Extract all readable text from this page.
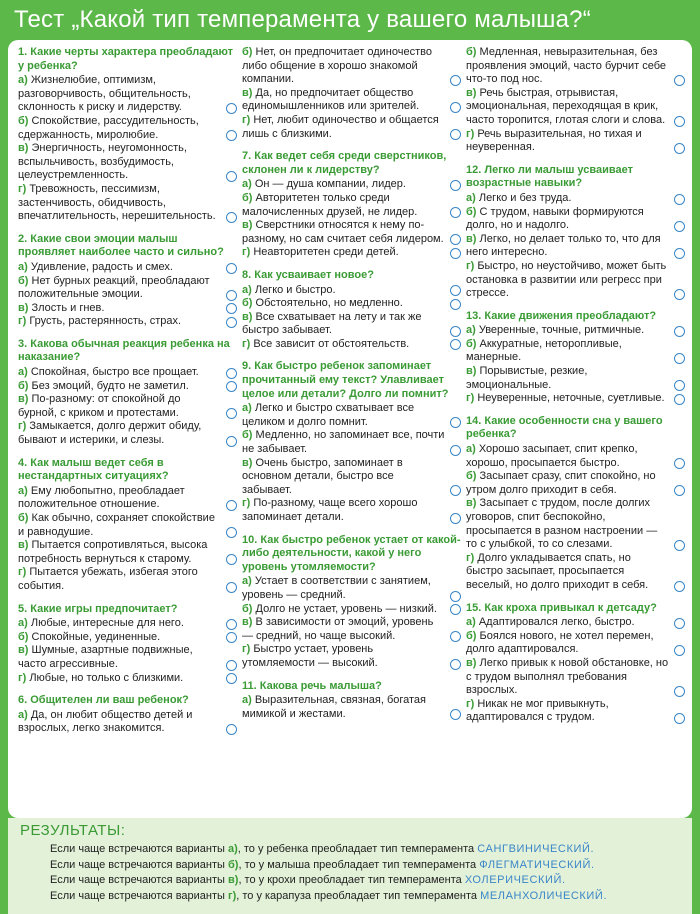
Тест „Какой тип темперамента у вашего малыша?“
1. Какие черты характера преобладают у ребенка?
а) Жизнелюбие, оптимизм, разговорчивость, общительность, склонность к риску и лидерству.
б) Спокойствие, рассудительность, сдержанность, миролюбие.
в) Энергичность, неугомонность, вспыльчивость, возбудимость, целеустремленность.
г) Тревожность, пессимизм, застенчивость, обидчивость, впечатлительность, нерешительность.
2. Какие свои эмоции малыш проявляет наиболее часто и сильно?
а) Удивление, радость и смех.
б) Нет бурных реакций, преобладают положительные эмоции.
в) Злость и гнев.
г) Грусть, растерянность, страх.
3. Какова обычная реакция ребенка на наказание?
а) Спокойная, быстро все прощает.
б) Без эмоций, будто не заметил.
в) По-разному: от спокойной до бурной, с криком и протестами.
г) Замыкается, долго держит обиду, бывают и истерики, и слезы.
4. Как малыш ведет себя в нестандартных ситуациях?
а) Ему любопытно, преобладает положительное отношение.
б) Как обычно, сохраняет спокойствие и равнодушие.
в) Пытается сопротивляться, высока потребность вернуться к старому.
г) Пытается убежать, избегая этого события.
5. Какие игры предпочитает?
а) Любые, интересные для него.
б) Спокойные, уединенные.
в) Шумные, азартные подвижные, часто агрессивные.
г) Любые, но только с близкими.
6. Общителен ли ваш ребенок?
а) Да, он любит общество детей и взрослых, легко знакомится.
б) Нет, он предпочитает одиночество либо общение в хорошо знакомой компании.
в) Да, но предпочитает общество единомышленников или зрителей.
г) Нет, любит одиночество и общается лишь с близкими.
7. Как ведет себя среди сверстников, склонен ли к лидерству?
а) Он — душа компании, лидер.
б) Авторитетен только среди малочисленных друзей, не лидер.
в) Сверстники относятся к нему по-разному, но сам считает себя лидером.
г) Неавторитетен среди детей.
8. Как усваивает новое?
а) Легко и быстро.
б) Обстоятельно, но медленно.
в) Все схватывает на лету и так же быстро забывает.
г) Все зависит от обстоятельств.
9. Как быстро ребенок запоминает прочитанный ему текст? Улавливает целое или детали? Долго ли помнит?
а) Легко и быстро схватывает все целиком и долго помнит.
б) Медленно, но запоминает все, почти не забывает.
в) Очень быстро, запоминает в основном детали, быстро все забывает.
г) По-разному, чаще всего хорошо запоминает детали.
10. Как быстро ребенок устает от какой-либо деятельности, какой у него уровень утомляемости?
а) Устает в соответствии с занятием, уровень — средний.
б) Долго не устает, уровень — низкий.
в) В зависимости от эмоций, уровень — средний, но чаще высокий.
г) Быстро устает, уровень утомляемости — высокий.
11. Какова речь малыша?
а) Выразительная, связная, богатая мимикой и жестами.
б) Медленная, невыразительная, без проявления эмоций, часто бурчит себе что-то под нос.
в) Речь быстрая, отрывистая, эмоциональная, переходящая в крик, часто торопится, глотая слоги и слова.
г) Речь выразительная, но тихая и неуверенная.
12. Легко ли малыш усваивает возрастные навыки?
а) Легко и без труда.
б) С трудом, навыки формируются долго, но и надолго.
в) Легко, но делает только то, что для него интересно.
г) Быстро, но неустойчиво, может быть остановка в развитии или регресс при стрессе.
13. Какие движения преобладают?
а) Уверенные, точные, ритмичные.
б) Аккуратные, неторопливые, манерные.
в) Порывистые, резкие, эмоциональные.
г) Неуверенные, неточные, суетливые.
14. Какие особенности сна у вашего ребенка?
а) Хорошо засыпает, спит крепко, хорошо, просыпается быстро.
б) Засыпает сразу, спит спокойно, но утром долго приходит в себя.
в) Засыпает с трудом, после долгих уговоров, спит беспокойно, просыпается в разном настроении — то с улыбкой, то со слезами.
г) Долго укладывается спать, но быстро засыпает, просыпается веселый, но долго приходит в себя.
15. Как кроха привыкал к детсаду?
а) Адаптировался легко, быстро.
б) Боялся нового, не хотел перемен, долго адаптировался.
в) Легко привык к новой обстановке, но с трудом выполнял требования взрослых.
г) Никак не мог привыкнуть, адаптировался с трудом.
РЕЗУЛЬТАТЫ:
Если чаще встречаются варианты а), то у ребенка преобладает тип темперамента САНГВИНИЧЕСКИЙ.
Если чаще встречаются варианты б), то у малыша преобладает тип темперамента ФЛЕГМАТИЧЕСКИЙ.
Если чаще встречаются варианты в), то у крохи преобладает тип темперамента ХОЛЕРИЧЕСКИЙ.
Если чаще встречаются варианты г), то у карапуза преобладает тип темперамента МЕЛАНХОЛИЧЕСКИЙ.
